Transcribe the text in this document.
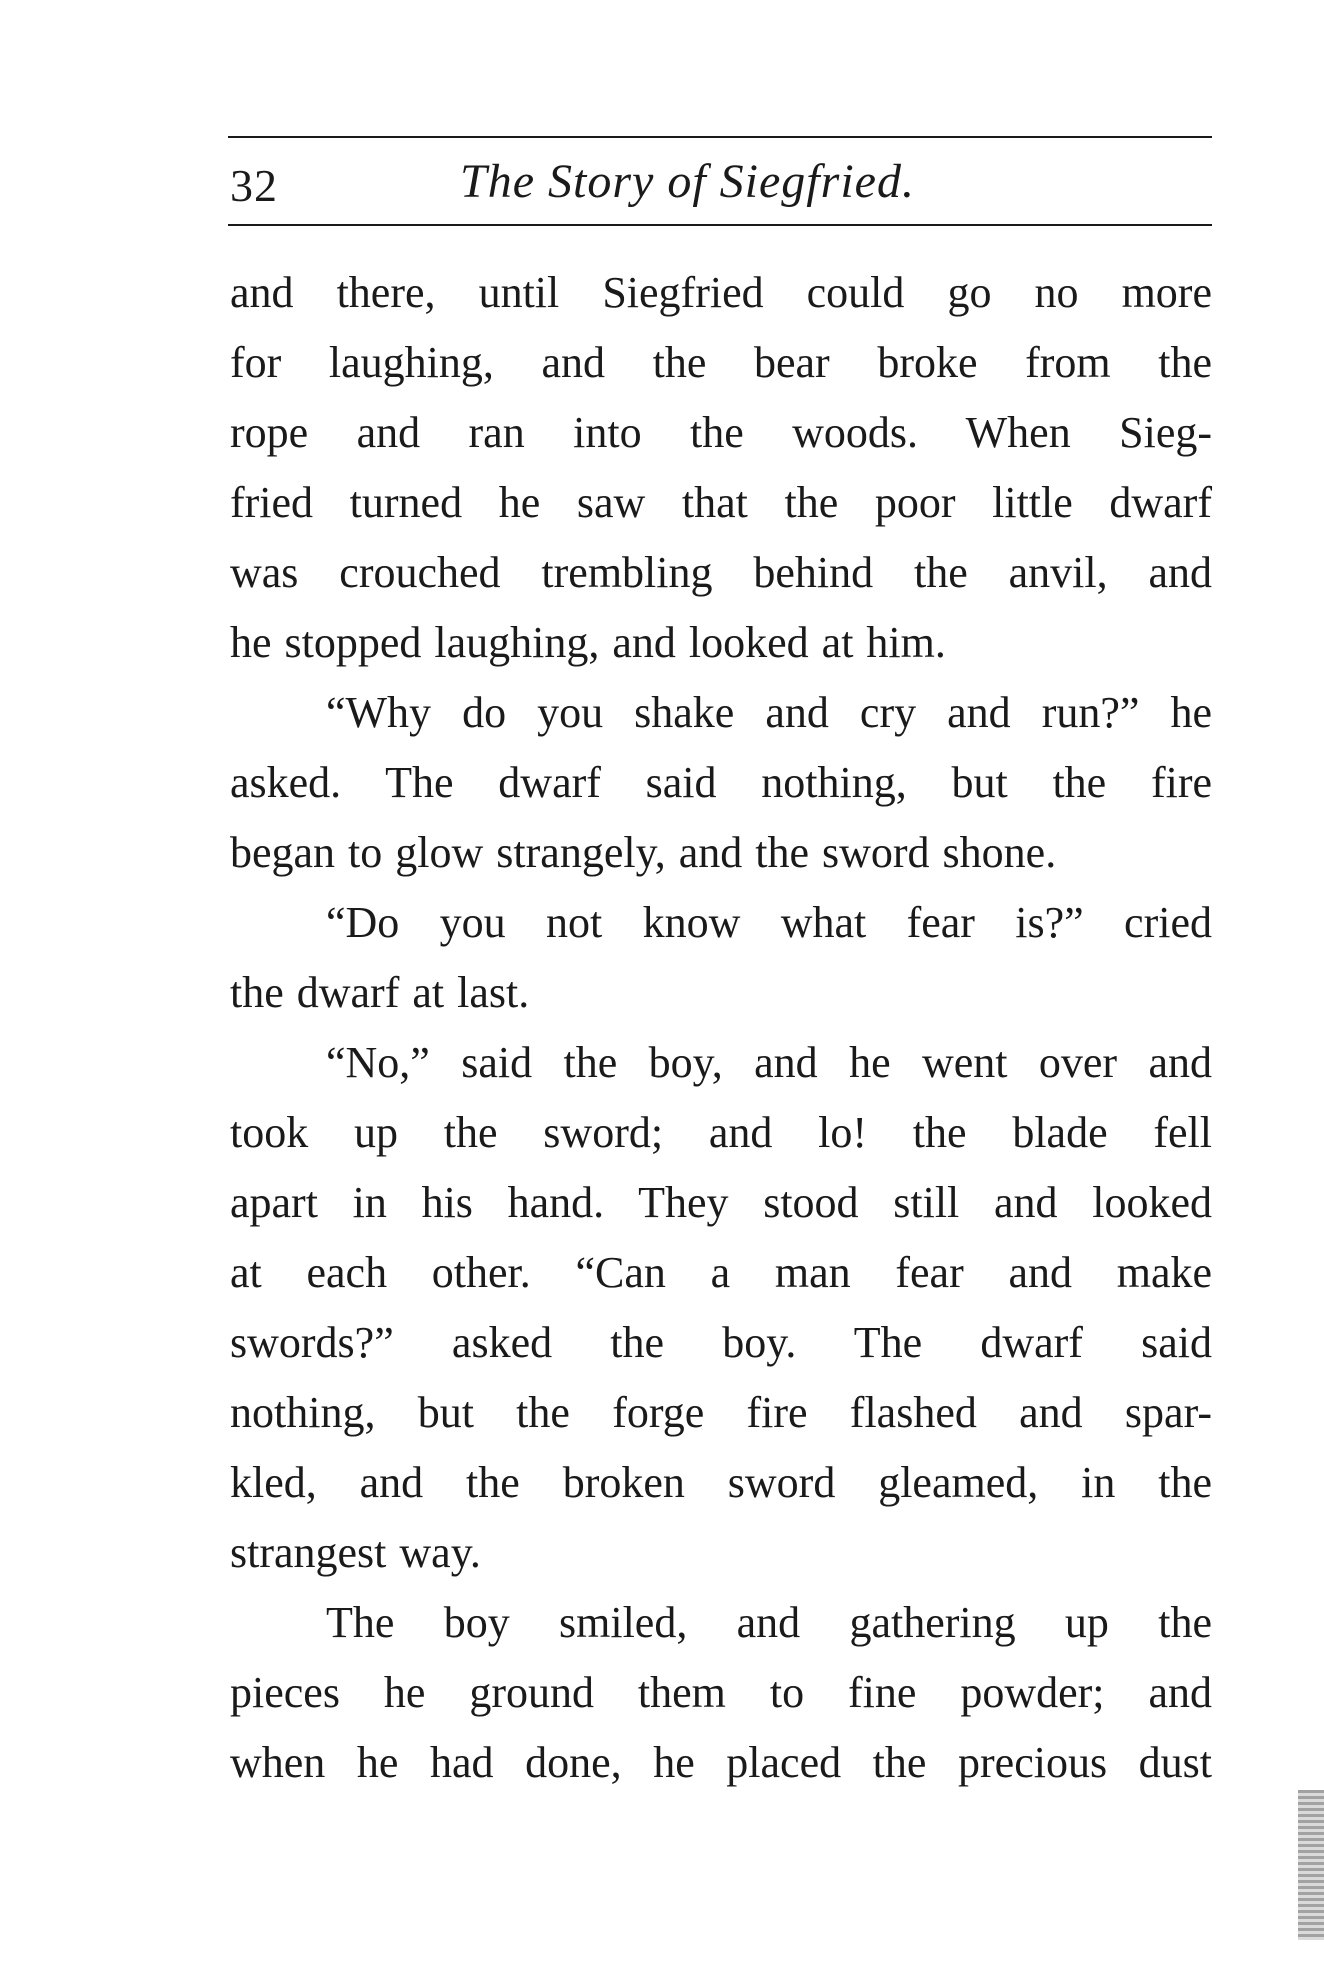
32	The Story of Siegfried.
and there, until Siegfried could go no more
for laughing, and the bear broke from the
rope and ran into the woods. When Sieg-
fried turned he saw that the poor little dwarf
was crouched trembling behind the anvil, and
he stopped laughing, and looked at him.
“Why do you shake and cry and run?” he
asked. The dwarf said nothing, but the fire
began to glow strangely, and the sword shone.
“Do you not know what fear is?” cried
the dwarf at last.
“No,” said the boy, and he went over and
took up the sword; and lo! the blade fell
apart in his hand. They stood still and looked
at each other. “Can a man fear and make
swords?” asked the boy. The dwarf said
nothing, but the forge fire flashed and spar-
kled, and the broken sword gleamed, in the
strangest way.
The boy smiled, and gathering up the
pieces he ground them to fine powder; and
when he had done, he placed the precious dust
